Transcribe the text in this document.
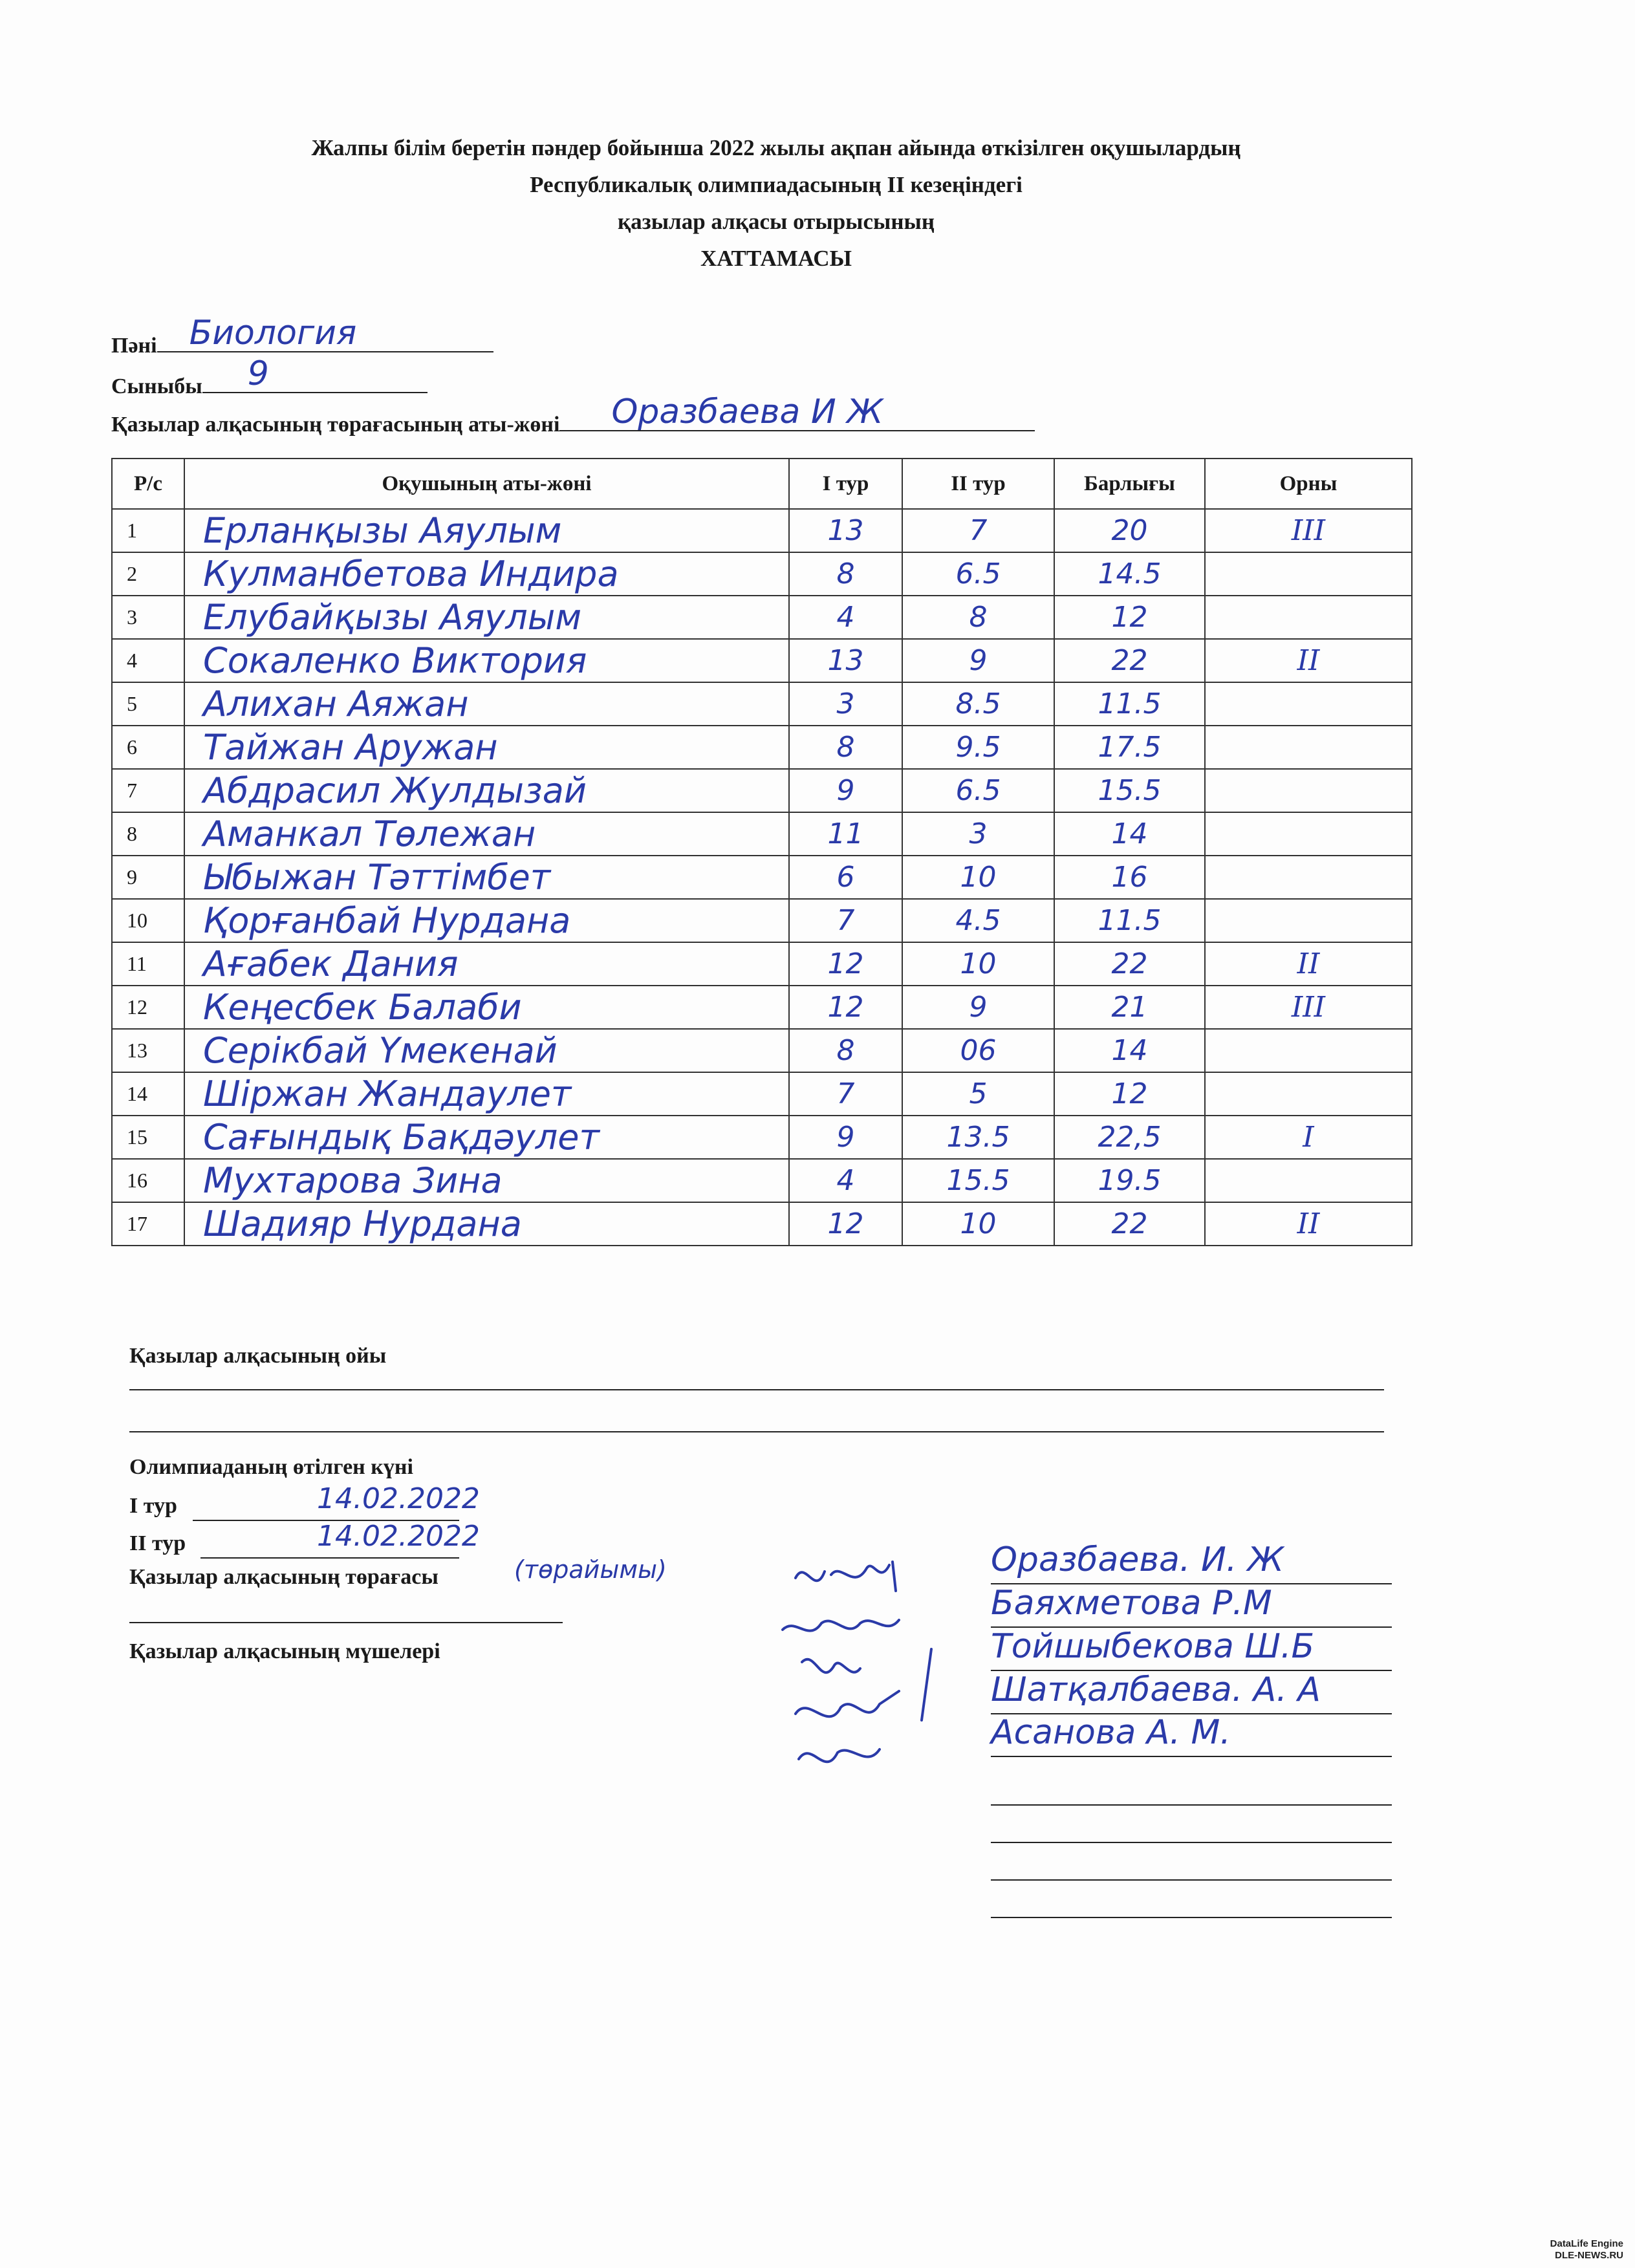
Жалпы білім беретін пәндер бойынша 2022 жылы ақпан айында өткізілген оқушылардың
Республикалық олимпиадасының II кезеңіндегі
қазылар алқасы отырысының
ХАТТАМАСЫ
Пәні Биология
Сыныбы 9
Қазылар алқасының төрағасының аты-жөні Оразбаева И Ж
Р/с	Оқушының аты-жөні	І тур	ІІ тур	Барлығы	Орны
1	Ерланқызы Аяулым	13	7	20	III
2	Кулманбетова Индира	8	6.5	14.5	
3	Елубайқызы Аяулым	4	8	12	
4	Сокаленко Виктория	13	9	22	II
5	Алихан Аяжан	3	8.5	11.5	
6	Тайжан Аружан	8	9.5	17.5	
7	Абдрасил Жулдызай	9	6.5	15.5	
8	Аманкал Төлежан	11	3	14	
9	Ыбыжан Тәттімбет	6	10	16	
10	Қорғанбай Нурдана	7	4.5	11.5	
11	Ағабек Дания	12	10	22	II
12	Кеңесбек Балаби	12	9	21	III
13	Серікбай Үмекенай	8	06	14	
14	Шіржан Жандаулет	7	5	12	
15	Сағындық Бақдәулет	9	13.5	22,5	I
16	Мухтарова Зина	4	15.5	19.5	
17	Шадияр Нурдана	12	10	22	II
Қазылар алқасының ойы
Олимпиаданың өтілген күні
І тур	14.02.2022
ІІ тур	14.02.2022
Қазылар алқасының төрағасы	(төрайымы)
Қазылар алқасының мүшелері
Оразбаева. И. Ж
Баяхметова Р.М
Тойшыбекова Ш.Б
Шатқалбаева. А. А
Асанова А. М.
DataLife Engine
DLE-NEWS.RU
